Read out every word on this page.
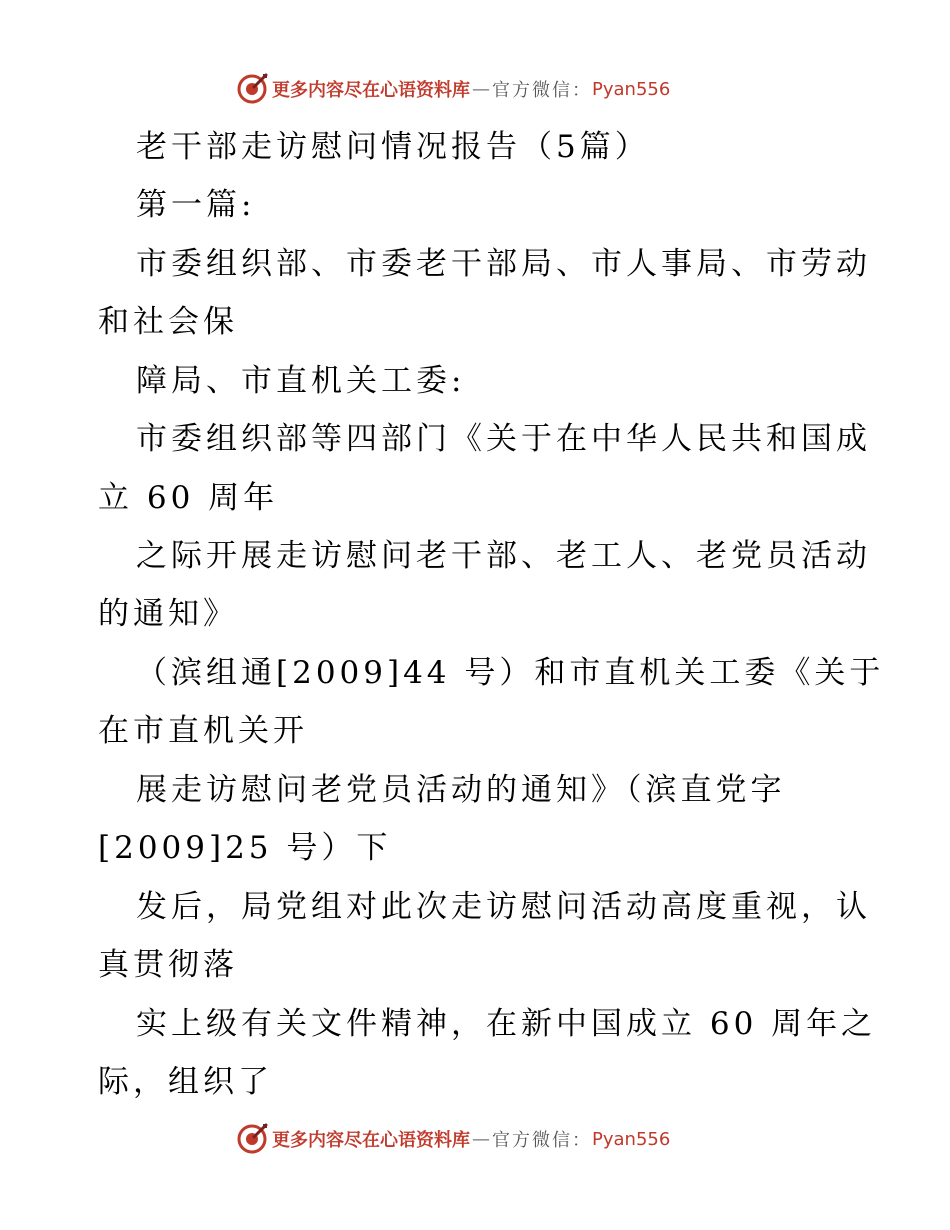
更多内容尽在心语资料库 — 官方微信： Pyan556

老干部走访慰问情况报告（5篇）

第一篇:

市委组织部、市委老干部局、市人事局、市劳动

和社会保

障局、市直机关工委:

市委组织部等四部门《关于在中华人民共和国成

立 60 周年

之际开展走访慰问老干部、老工人、老党员活动

的通知》

（滨组通[2009]44 号）和市直机关工委《关于

在市直机关开

展走访慰问老党员活动的通知》（滨直党字

[2009]25 号）下

发后，局党组对此次走访慰问活动高度重视，认

真贯彻落

实上级有关文件精神，在新中国成立 60 周年之

际，组织了

更多内容尽在心语资料库 — 官方微信： Pyan556
